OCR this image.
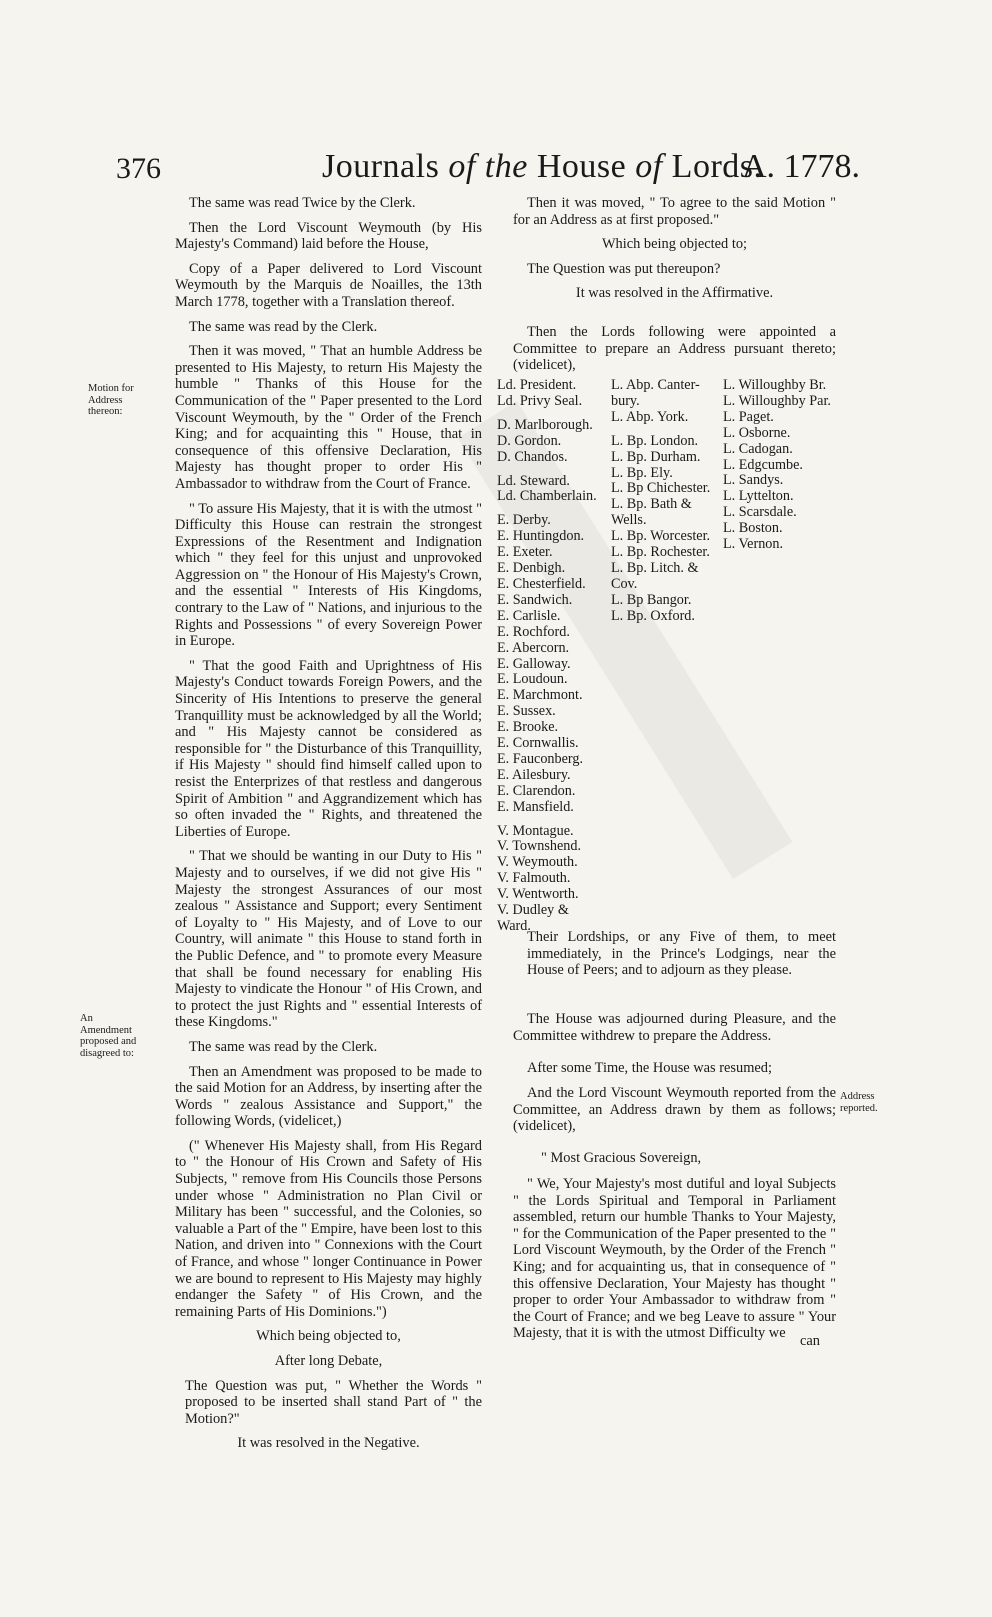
376	Journals of the House of Lords.
A. 1778.
Motion for Address thereon:
An Amendment proposed and disagreed to:
Address reported.

The same was read Twice by the Clerk.

Then the Lord Viscount Weymouth (by His Majesty's Command) laid before the House,

Copy of a Paper delivered to Lord Viscount Weymouth by the Marquis de Noailles, the 13th March 1778, together with a Translation thereof.

The same was read by the Clerk.

Then it was moved, " That an humble Address be presented to His Majesty, to return His Majesty the humble " Thanks of this House for the Communication of the " Paper presented to the Lord Viscount Weymouth, by the " Order of the French King; and for acquainting this " House, that in consequence of this offensive Declaration, His Majesty has thought proper to order His " Ambassador to withdraw from the Court of France.

" To assure His Majesty, that it is with the utmost " Difficulty this House can restrain the strongest Expressions of the Resentment and Indignation which " they feel for this unjust and unprovoked Aggression on " the Honour of His Majesty's Crown, and the essential " Interests of His Kingdoms, contrary to the Law of " Nations, and injurious to the Rights and Possessions " of every Sovereign Power in Europe.

" That the good Faith and Uprightness of His Majesty's Conduct towards Foreign Powers, and the Sincerity of His Intentions to preserve the general Tranquillity must be acknowledged by all the World; and " His Majesty cannot be considered as responsible for " the Disturbance of this Tranquillity, if His Majesty " should find himself called upon to resist the Enterprizes of that restless and dangerous Spirit of Ambition " and Aggrandizement which has so often invaded the " Rights, and threatened the Liberties of Europe.

" That we should be wanting in our Duty to His " Majesty and to ourselves, if we did not give His " Majesty the strongest Assurances of our most zealous " Assistance and Support; every Sentiment of Loyalty to " His Majesty, and of Love to our Country, will animate " this House to stand forth in the Public Defence, and " to promote every Measure that shall be found necessary for enabling His Majesty to vindicate the Honour " of His Crown, and to protect the just Rights and " essential Interests of these Kingdoms."

The same was read by the Clerk.

Then an Amendment was proposed to be made to the said Motion for an Address, by inserting after the Words " zealous Assistance and Support," the following Words, (videlicet,)

(" Whenever His Majesty shall, from His Regard to " the Honour of His Crown and Safety of His Subjects, " remove from His Councils those Persons under whose " Administration no Plan Civil or Military has been " successful, and the Colonies, so valuable a Part of the " Empire, have been lost to this Nation, and driven into " Connexions with the Court of France, and whose " longer Continuance in Power we are bound to represent to His Majesty may highly endanger the Safety " of His Crown, and the remaining Parts of His Dominions.")

Which being objected to,

After long Debate,

The Question was put, " Whether the Words " proposed to be inserted shall stand Part of " the Motion?"

It was resolved in the Negative.

Then it was moved, " To agree to the said Motion " for an Address as at first proposed."

Which being objected to;

The Question was put thereupon?

It was resolved in the Affirmative.

Then the Lords following were appointed a Committee to prepare an Address pursuant thereto; (videlicet),

Ld. President.
Ld. Privy Seal.
D. Marlborough.
D. Gordon.
D. Chandos.
Ld. Steward.
Ld. Chamberlain.
E. Derby.
E. Huntingdon.
E. Exeter.
E. Denbigh.
E. Chesterfield.
E. Sandwich.
E. Carlisle.
E. Rochford.
E. Abercorn.
E. Galloway.
E. Loudoun.
E. Marchmont.
E. Sussex.
E. Brooke.
E. Cornwallis.
E. Fauconberg.
E. Ailesbury.
E. Clarendon.
E. Mansfield.
V. Montague.
V. Townshend.
V. Weymouth.
V. Falmouth.
V. Wentworth.
V. Dudley &
Ward.
L. Abp. Canter-
bury.
L. Abp. York.
L. Bp. London.
L. Bp. Durham.
L. Bp. Ely.
L. Bp Chichester.
L. Bp. Bath &
Wells.
L. Bp. Worcester.
L. Bp. Rochester.
L. Bp. Litch. &
Cov.
L. Bp Bangor.
L. Bp. Oxford.
L. Willoughby Br.
L. Willoughby Par.
L. Paget.
L. Osborne.
L. Cadogan.
L. Edgcumbe.
L. Sandys.
L. Lyttelton.
L. Scarsdale.
L. Boston.
L. Vernon.
Their Lordships, or any Five of them, to meet immediately, in the Prince's Lodgings, near the House of Peers; and to adjourn as they please.
The House was adjourned during Pleasure, and the Committee withdrew to prepare the Address.
After some Time, the House was resumed;
And the Lord Viscount Weymouth reported from the Committee, an Address drawn by them as follows; (videlicet),
" Most Gracious Sovereign,
" We, Your Majesty's most dutiful and loyal Subjects " the Lords Spiritual and Temporal in Parliament assembled, return our humble Thanks to Your Majesty, " for the Communication of the Paper presented to the " Lord Viscount Weymouth, by the Order of the French " King; and for acquainting us, that in consequence of " this offensive Declaration, Your Majesty has thought " proper to order Your Ambassador to withdraw from " the Court of France; and we beg Leave to assure " Your Majesty, that it is with the utmost Difficulty we	can
